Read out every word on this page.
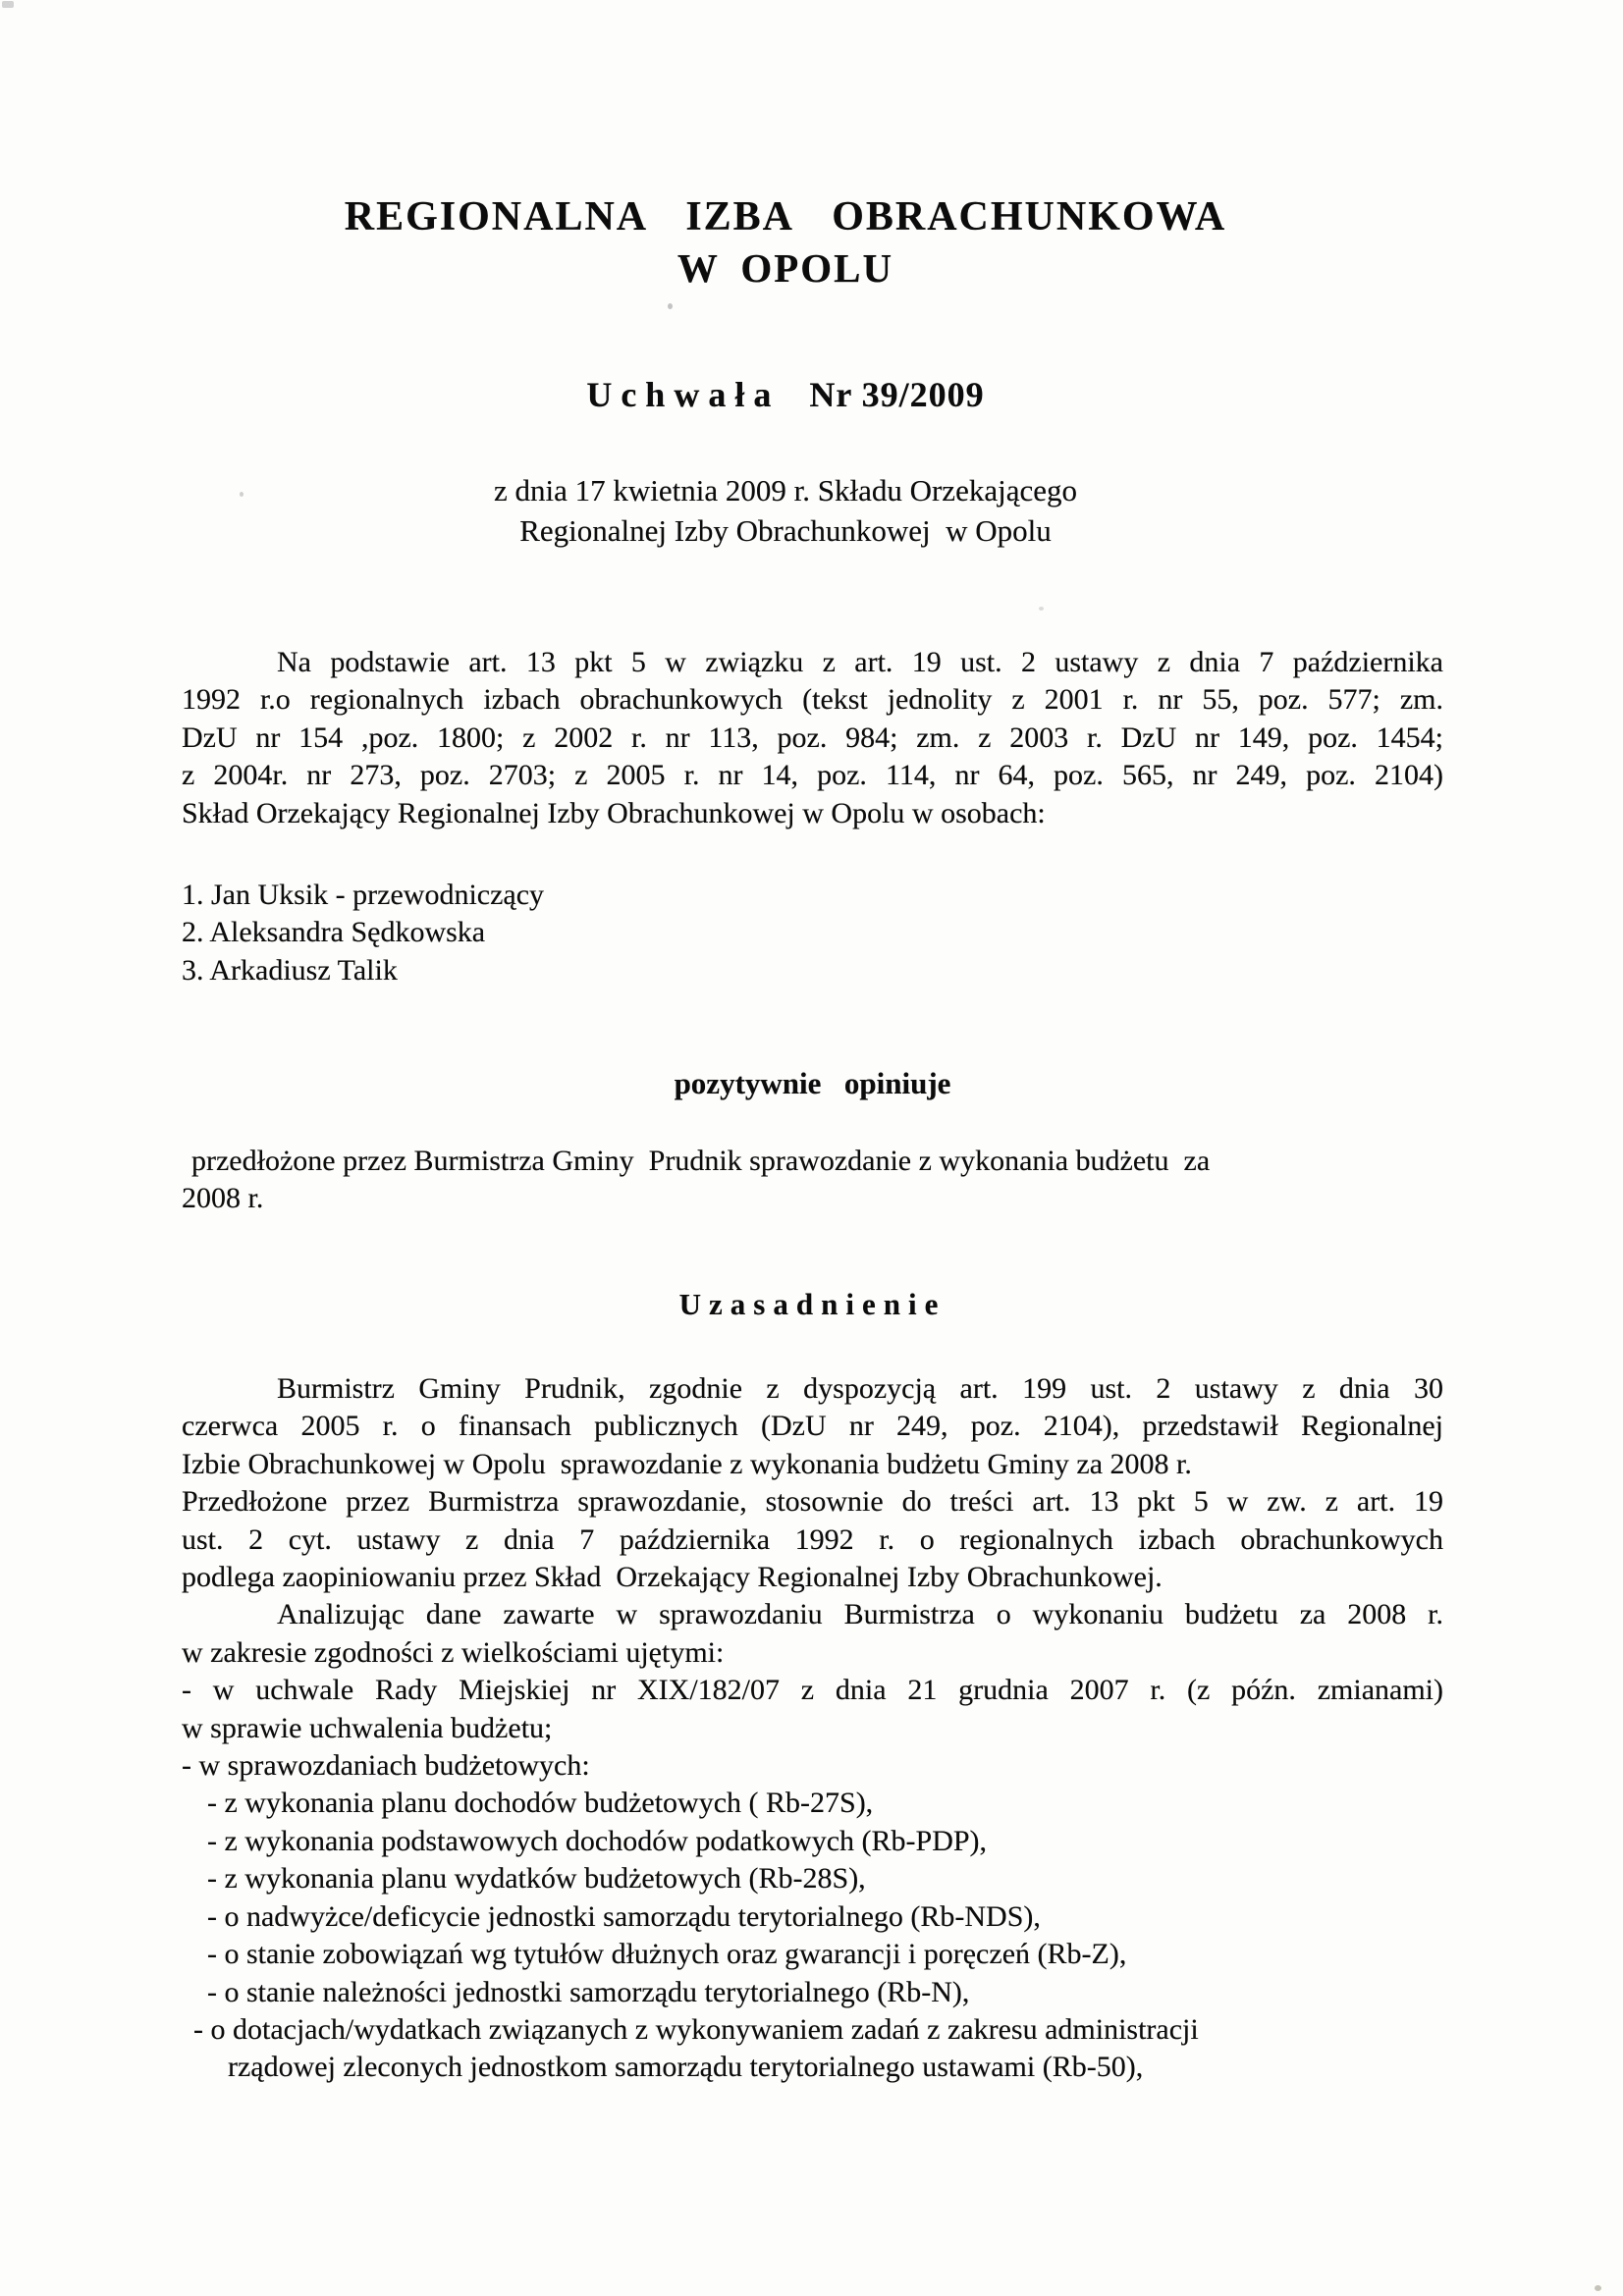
REGIONALNA IZBA OBRACHUNKOWA
W OPOLU
Uchwała Nr 39/2009
z dnia 17 kwietnia 2009 r. Składu Orzekającego
Regionalnej Izby Obrachunkowej  w Opolu
Na podstawie art. 13 pkt 5 w związku z art. 19 ust. 2 ustawy z dnia 7 października
1992 r.o regionalnych izbach obrachunkowych (tekst jednolity z 2001 r. nr 55, poz. 577; zm.
DzU nr 154 ,poz. 1800; z 2002 r. nr 113, poz. 984; zm. z 2003 r. DzU nr 149, poz. 1454;
z 2004r. nr 273, poz. 2703; z 2005 r. nr 14, poz. 114, nr 64, poz. 565, nr 249, poz. 2104)
Skład Orzekający Regionalnej Izby Obrachunkowej w Opolu w osobach:
1. Jan Uksik - przewodniczący
2. Aleksandra Sędkowska
3. Arkadiusz Talik
pozytywnie  opiniuje
przedłożone przez Burmistrza Gminy  Prudnik sprawozdanie z wykonania budżetu  za
2008 r.
Uzasadnienie
Burmistrz Gminy Prudnik, zgodnie z dyspozycją art. 199 ust. 2 ustawy z dnia 30
czerwca 2005 r. o finansach publicznych (DzU nr 249, poz. 2104), przedstawił Regionalnej
Izbie Obrachunkowej w Opolu  sprawozdanie z wykonania budżetu Gminy za 2008 r.
Przedłożone przez Burmistrza sprawozdanie, stosownie do treści art. 13 pkt 5 w zw. z art. 19
ust. 2 cyt. ustawy z dnia 7 października 1992 r. o regionalnych izbach obrachunkowych
podlega zaopiniowaniu przez Skład  Orzekający Regionalnej Izby Obrachunkowej.
Analizując dane zawarte w sprawozdaniu Burmistrza o wykonaniu budżetu za 2008 r.
w zakresie zgodności z wielkościami ujętymi:
- w uchwale Rady Miejskiej nr XIX/182/07 z dnia 21 grudnia 2007 r. (z późn. zmianami)
w sprawie uchwalenia budżetu;
- w sprawozdaniach budżetowych:
- z wykonania planu dochodów budżetowych ( Rb-27S),
- z wykonania podstawowych dochodów podatkowych (Rb-PDP),
- z wykonania planu wydatków budżetowych (Rb-28S),
- o nadwyżce/deficycie jednostki samorządu terytorialnego (Rb-NDS),
- o stanie zobowiązań wg tytułów dłużnych oraz gwarancji i poręczeń (Rb-Z),
- o stanie należności jednostki samorządu terytorialnego (Rb-N),
- o dotacjach/wydatkach związanych z wykonywaniem zadań z zakresu administracji
rządowej zleconych jednostkom samorządu terytorialnego ustawami (Rb-50),
